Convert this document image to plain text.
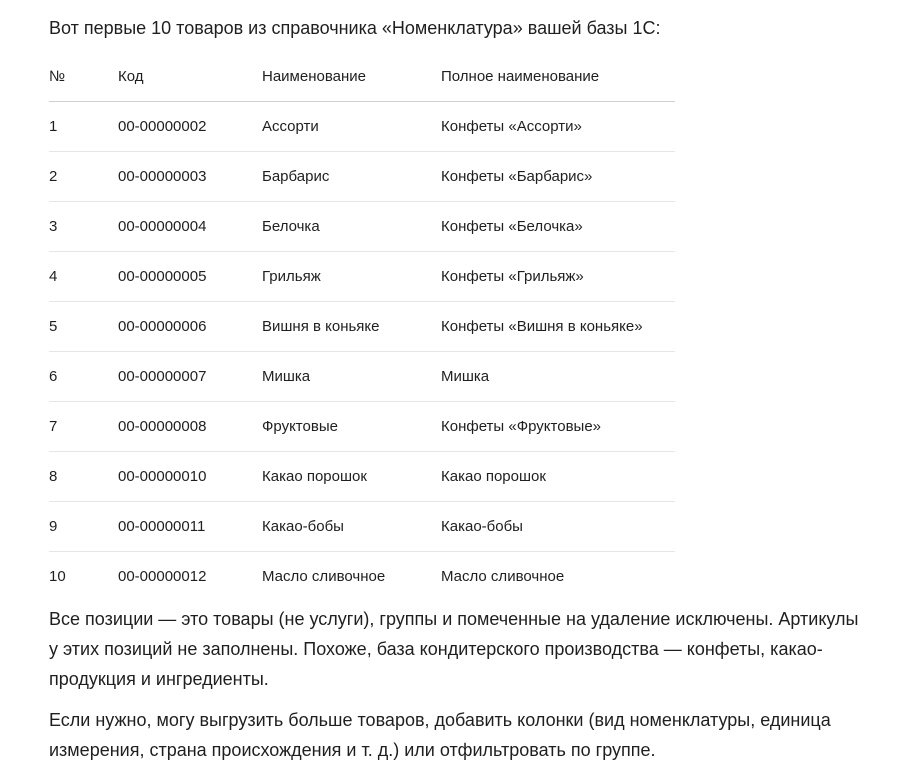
Вот первые 10 товаров из справочника «Номенклатура» вашей базы 1С:

№	Код	Наименование	Полное наименование
1	00-00000002	Ассорти	Конфеты «Ассорти»
2	00-00000003	Барбарис	Конфеты «Барбарис»
3	00-00000004	Белочка	Конфеты «Белочка»
4	00-00000005	Грильяж	Конфеты «Грильяж»
5	00-00000006	Вишня в коньяке	Конфеты «Вишня в коньяке»
6	00-00000007	Мишка	Мишка
7	00-00000008	Фруктовые	Конфеты «Фруктовые»
8	00-00000010	Какао порошок	Какао порошок
9	00-00000011	Какао-бобы	Какао-бобы
10	00-00000012	Масло сливочное	Масло сливочное

Все позиции — это товары (не услуги), группы и помеченные на удаление исключены. Артикулы у этих позиций не заполнены. Похоже, база кондитерского производства — конфеты, какао-продукция и ингредиенты.

Если нужно, могу выгрузить больше товаров, добавить колонки (вид номенклатуры, единица измерения, страна происхождения и т. д.) или отфильтровать по группе.
